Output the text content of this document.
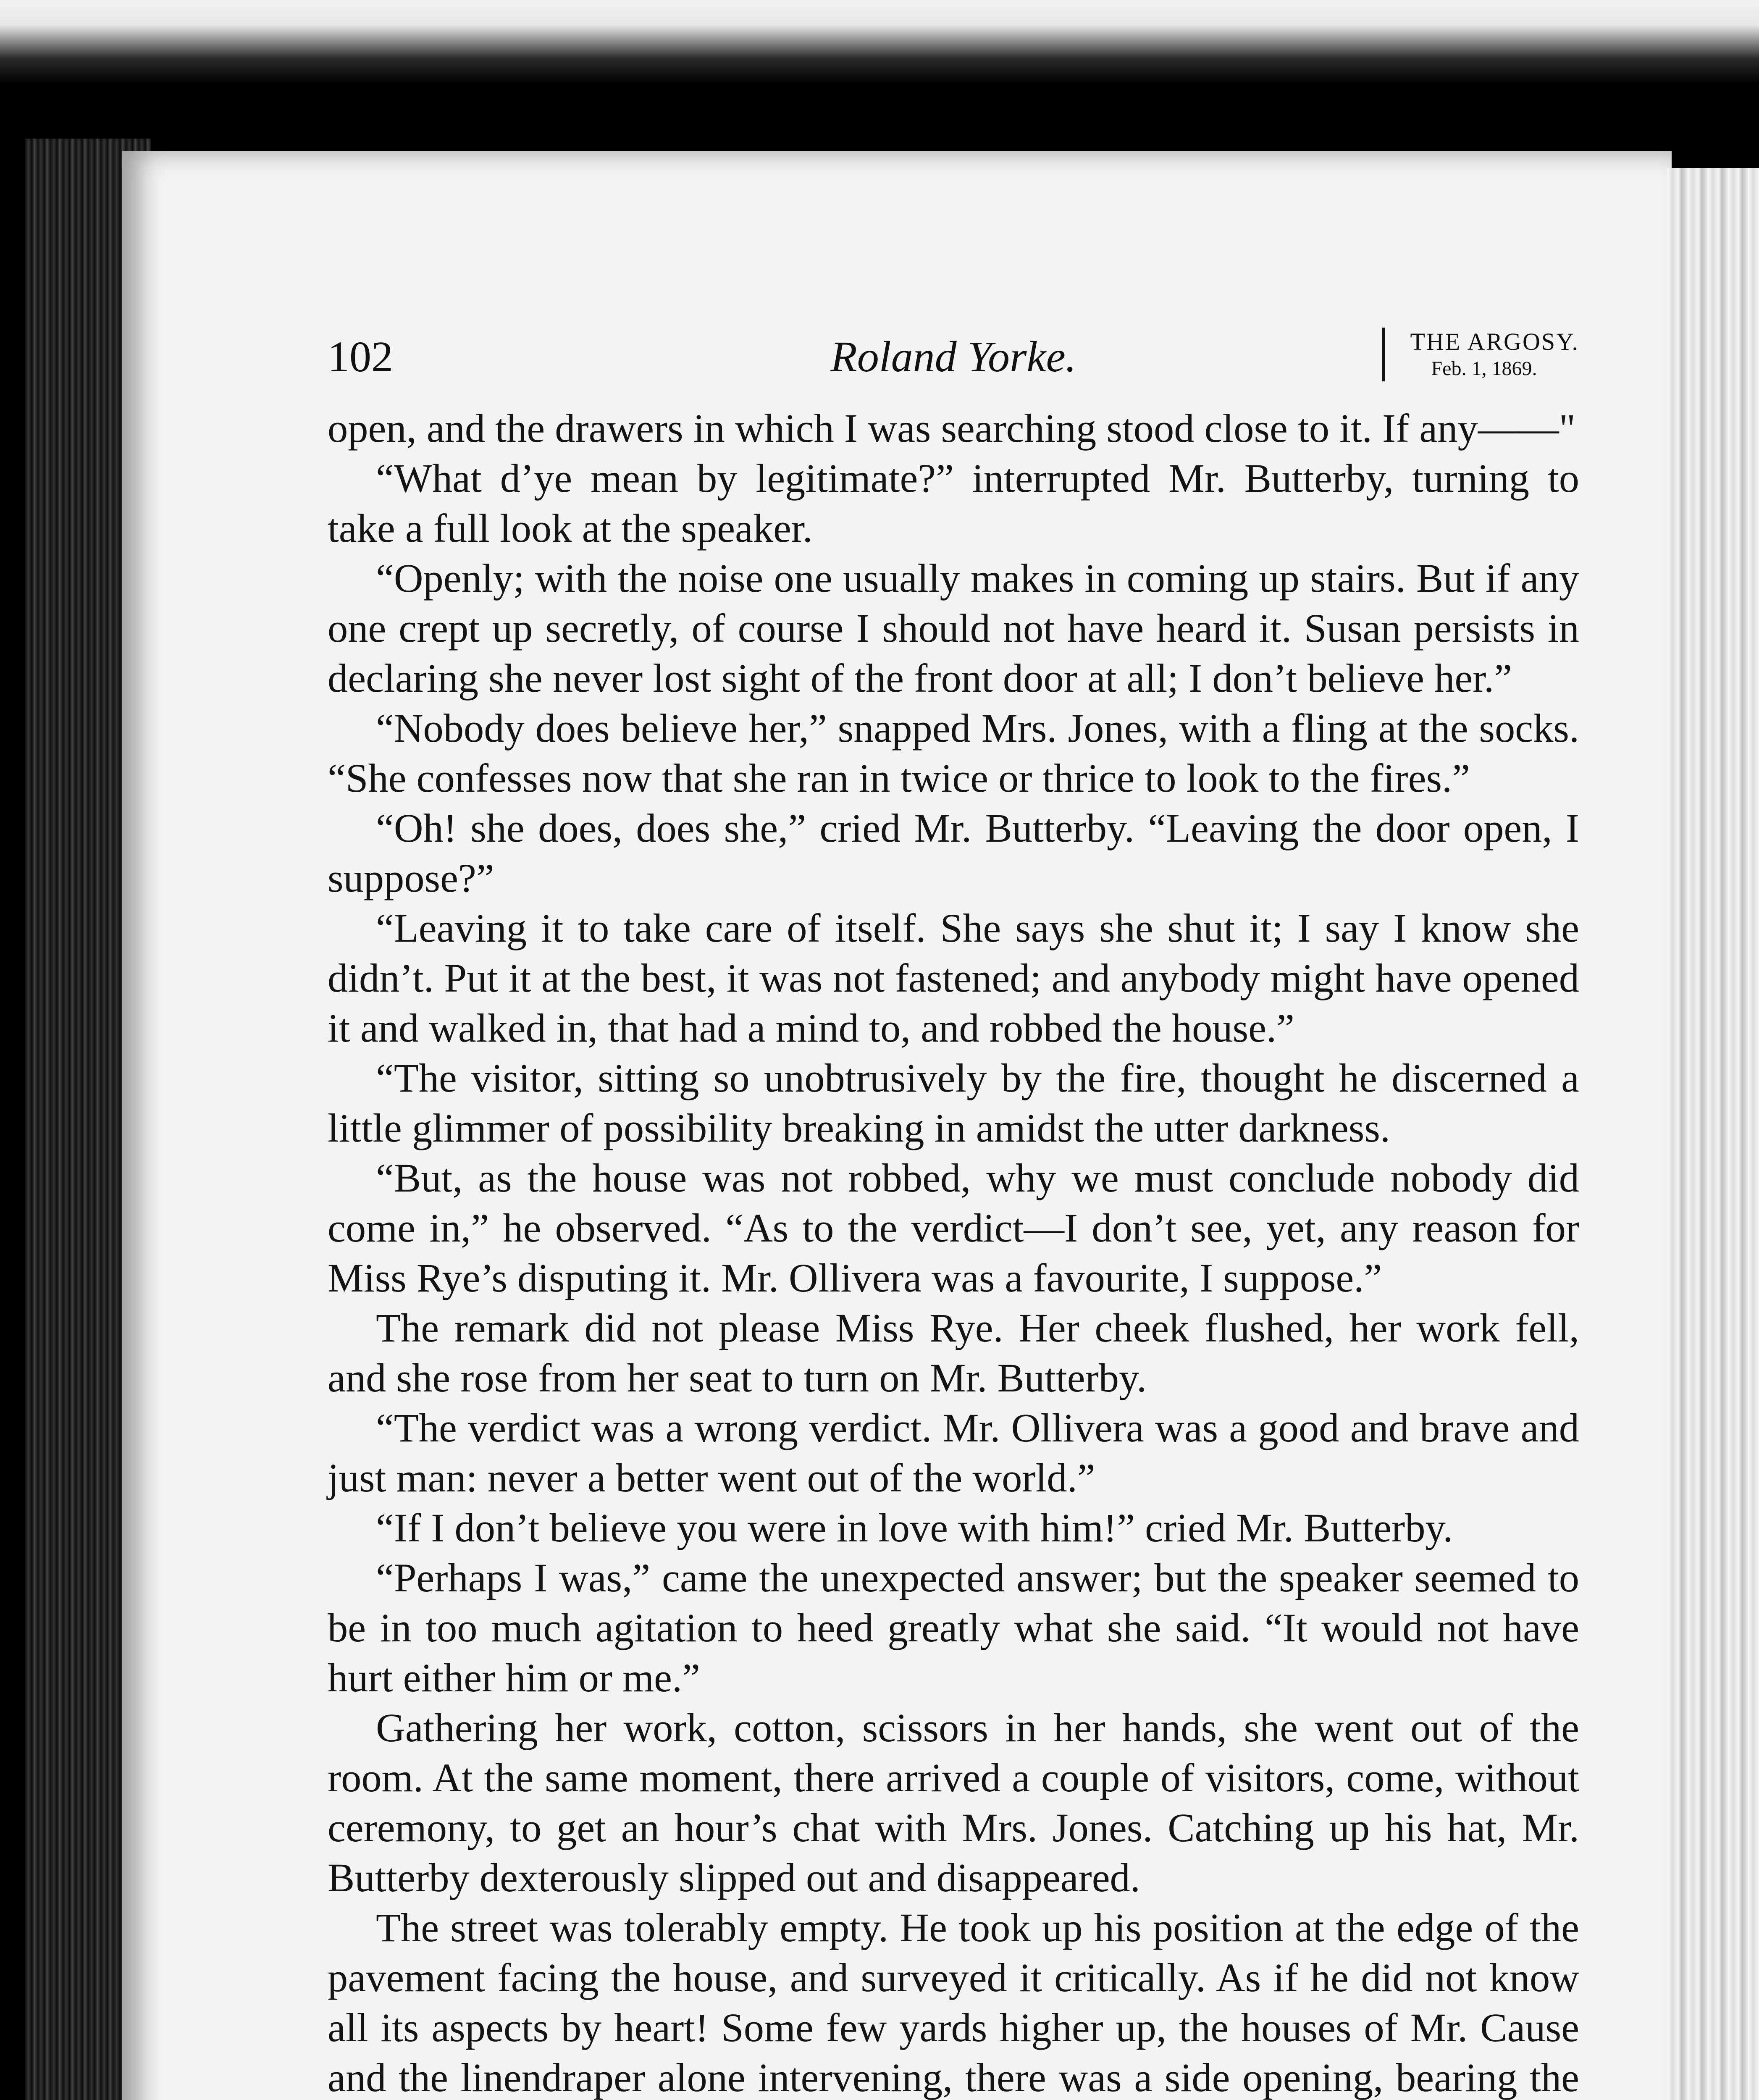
102	Roland Yorke.	THE ARGOSY.
Feb. 1, 1869.

open, and the drawers in which I was searching stood close to it. If any——"

“What d’ye mean by legitimate?” interrupted Mr. Butterby, turning to take a full look at the speaker.

“Openly; with the noise one usually makes in coming up stairs. But if any one crept up secretly, of course I should not have heard it. Susan persists in declaring she never lost sight of the front door at all; I don’t believe her.”

“Nobody does believe her,” snapped Mrs. Jones, with a fling at the socks. “She confesses now that she ran in twice or thrice to look to the fires.”

“Oh! she does, does she,” cried Mr. Butterby. “Leaving the door open, I suppose?”

“Leaving it to take care of itself. She says she shut it; I say I know she didn’t. Put it at the best, it was not fastened; and anybody might have opened it and walked in, that had a mind to, and robbed the house.”

“The visitor, sitting so unobtrusively by the fire, thought he discerned a little glimmer of possibility breaking in amidst the utter darkness.

“But, as the house was not robbed, why we must conclude nobody did come in,” he observed. “As to the verdict—I don’t see, yet, any reason for Miss Rye’s disputing it. Mr. Ollivera was a favourite, I suppose.”

The remark did not please Miss Rye. Her cheek flushed, her work fell, and she rose from her seat to turn on Mr. Butterby.

“The verdict was a wrong verdict. Mr. Ollivera was a good and brave and just man: never a better went out of the world.”

“If I don’t believe you were in love with him!” cried Mr. Butterby.

“Perhaps I was,” came the unexpected answer; but the speaker seemed to be in too much agitation to heed greatly what she said. “It would not have hurt either him or me.”

Gathering her work, cotton, scissors in her hands, she went out of the room. At the same moment, there arrived a couple of visitors, come, without ceremony, to get an hour’s chat with Mrs. Jones. Catching up his hat, Mr. Butterby dexterously slipped out and disappeared.

The street was tolerably empty. He took up his position at the edge of the pavement facing the house, and surveyed it critically. As if he did not know all its aspects by heart! Some few yards higher up, the houses of Mr. Cause and the linendraper alone intervening, there was a side opening, bearing the
